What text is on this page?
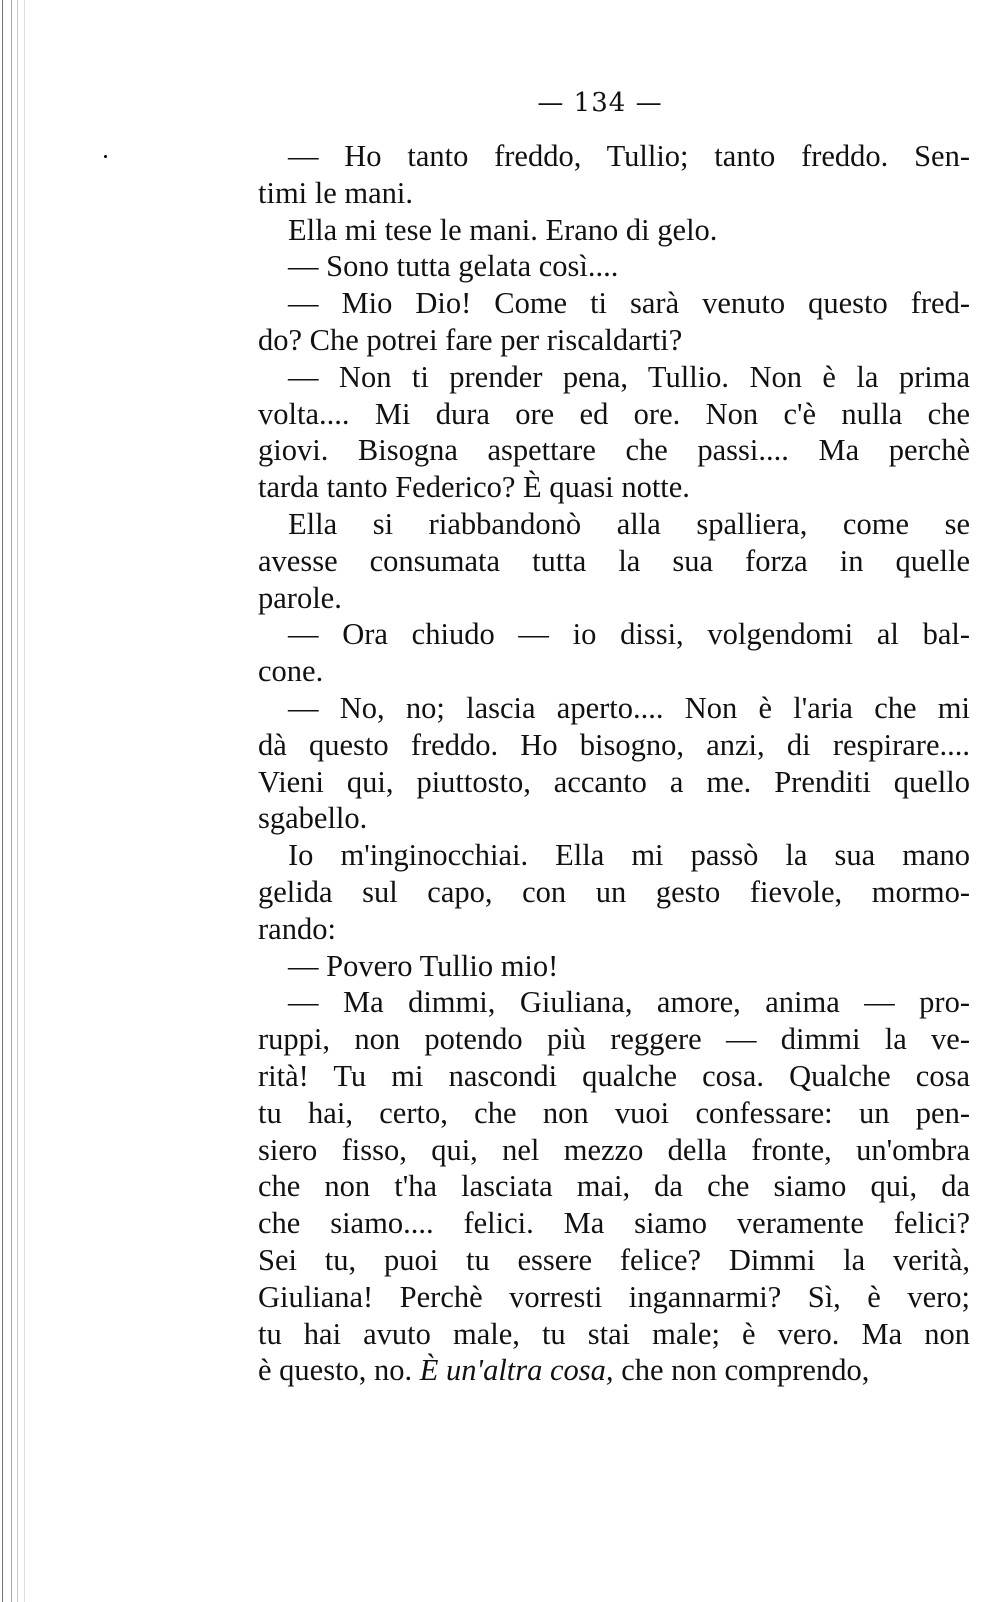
— 134 —
— Ho tanto freddo, Tullio; tanto freddo. Sen-
timi le mani.
Ella mi tese le mani. Erano di gelo.
— Sono tutta gelata così....
— Mio Dio! Come ti sarà venuto questo fred-
do? Che potrei fare per riscaldarti?
— Non ti prender pena, Tullio. Non è la prima
volta.... Mi dura ore ed ore. Non c'è nulla che
giovi. Bisogna aspettare che passi.... Ma perchè
tarda tanto Federico? È quasi notte.
Ella si riabbandonò alla spalliera, come se
avesse consumata tutta la sua forza in quelle
parole.
— Ora chiudo — io dissi, volgendomi al bal-
cone.
— No, no; lascia aperto.... Non è l'aria che mi
dà questo freddo. Ho bisogno, anzi, di respirare....
Vieni qui, piuttosto, accanto a me. Prenditi quello
sgabello.
Io m'inginocchiai. Ella mi passò la sua mano
gelida sul capo, con un gesto fievole, mormo-
rando:
— Povero Tullio mio!
— Ma dimmi, Giuliana, amore, anima — pro-
ruppi, non potendo più reggere — dimmi la ve-
rità! Tu mi nascondi qualche cosa. Qualche cosa
tu hai, certo, che non vuoi confessare: un pen-
siero fisso, qui, nel mezzo della fronte, un'ombra
che non t'ha lasciata mai, da che siamo qui, da
che siamo.... felici. Ma siamo veramente felici?
Sei tu, puoi tu essere felice? Dimmi la verità,
Giuliana! Perchè vorresti ingannarmi? Sì, è vero;
tu hai avuto male, tu stai male; è vero. Ma non
è questo, no. È un'altra cosa, che non comprendo,
